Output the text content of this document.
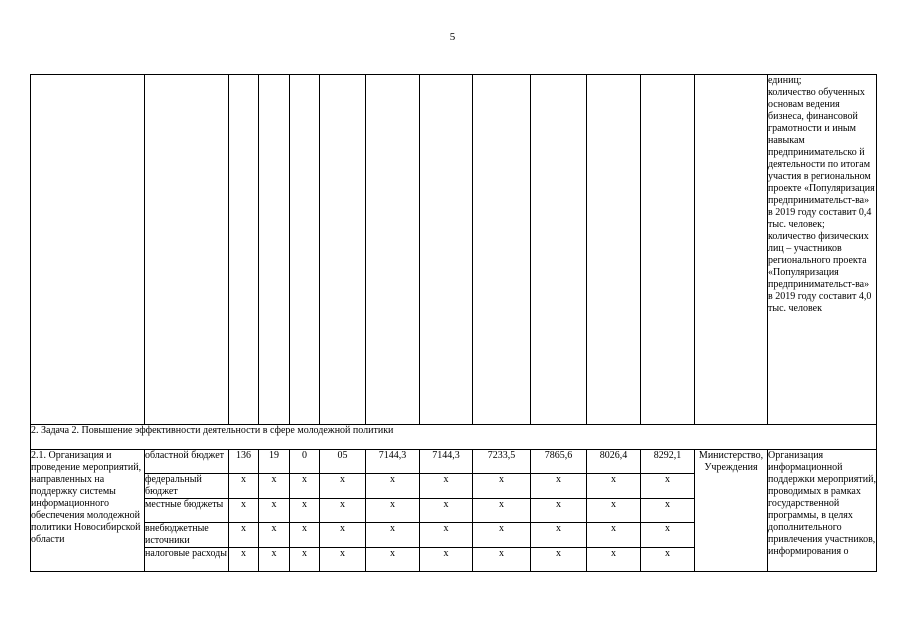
5

													единиц;
количество обученных основам ведения бизнеса, финансовой грамотности и иным навыкам предпринимательско й деятельности по итогам участия в региональном проекте «Популяризация предпринимательст-ва» в 2019 году составит 0,4 тыс. человек;
количество физических лиц – участников регионального проекта «Популяризация предпринимательст-ва» в 2019 году составит 4,0 тыс. человек

2. Задача 2. Повышение эффективности деятельности в сфере молодежной политики													
2.1. Организация и проведение мероприятий, направленных на поддержку системы информационного обеспечения молодежной политики Новосибирской области	областной бюджет	136	19	0	05	7144,3	7144,3	7233,5	7865,6	8026,4	8292,1	Министерство, Учреждения	Организация информационной поддержки мероприятий, проводимых в рамках государственной программы, в целях дополнительного привлечения участников, информирования о
	федеральный бюджет	x	x	x	x	x	x	x	x	x	x		
	местные бюджеты	x	x	x	x	x	x	x	x	x	x		
	внебюджетные источники	x	x	x	x	x	x	x	x	x	x		
	налоговые расходы	x	x	x	x	x	x	x	x	x	x		
